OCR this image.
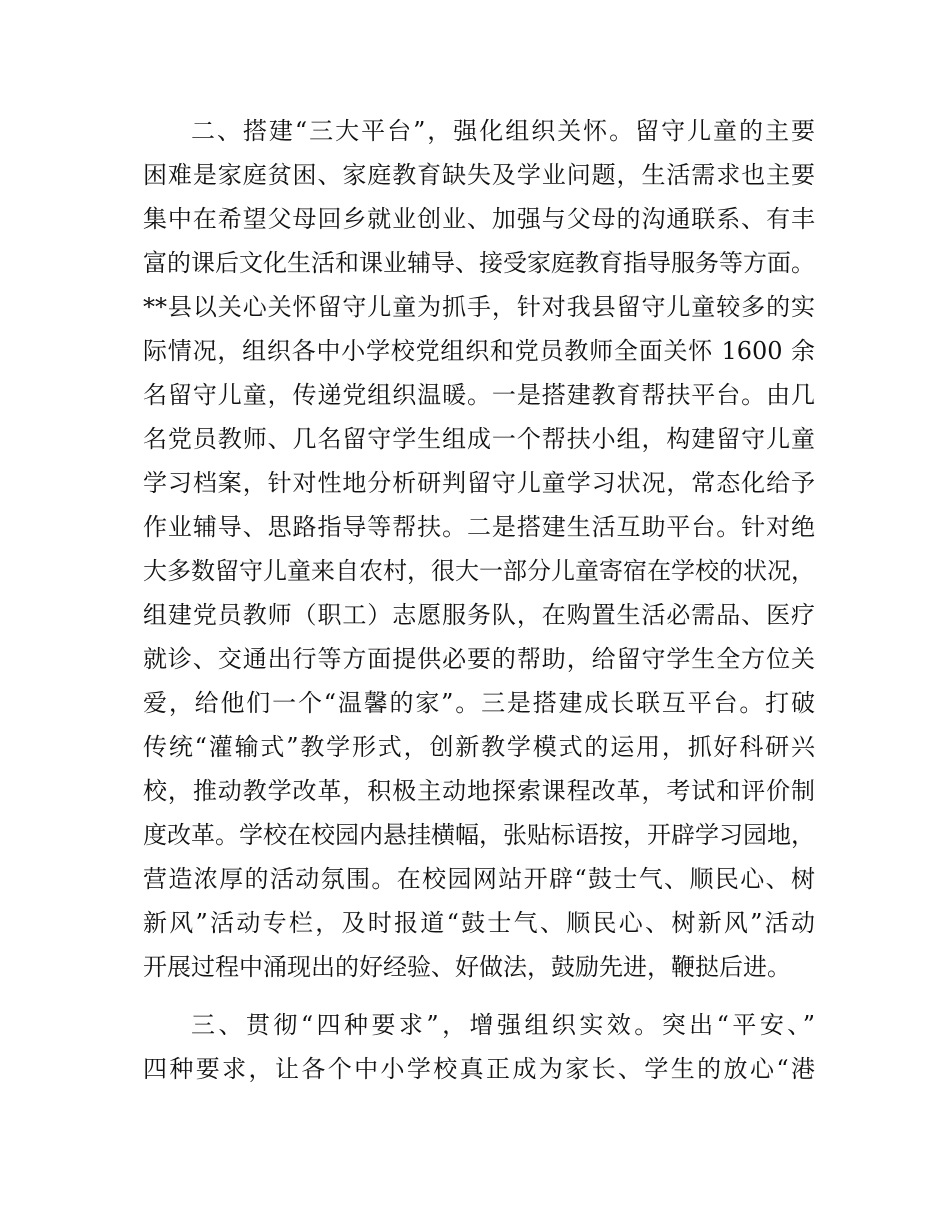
二、搭建“三大平台”，强化组织关怀。留守儿童的主要
困难是家庭贫困、家庭教育缺失及学业问题，生活需求也主要
集中在希望父母回乡就业创业、加强与父母的沟通联系、有丰
富的课后文化生活和课业辅导、接受家庭教育指导服务等方面。
**县以关心关怀留守儿童为抓手，针对我县留守儿童较多的实
际情况，组织各中小学校党组织和党员教师全面关怀 1600 余
名留守儿童，传递党组织温暖。一是搭建教育帮扶平台。由几
名党员教师、几名留守学生组成一个帮扶小组，构建留守儿童
学习档案，针对性地分析研判留守儿童学习状况，常态化给予
作业辅导、思路指导等帮扶。二是搭建生活互助平台。针对绝
大多数留守儿童来自农村，很大一部分儿童寄宿在学校的状况，
组建党员教师（职工）志愿服务队，在购置生活必需品、医疗
就诊、交通出行等方面提供必要的帮助，给留守学生全方位关
爱，给他们一个“温馨的家”。三是搭建成长联互平台。打破
传统“灌输式”教学形式，创新教学模式的运用，抓好科研兴
校，推动教学改革，积极主动地探索课程改革，考试和评价制
度改革。学校在校园内悬挂横幅，张贴标语按，开辟学习园地，
营造浓厚的活动氛围。在校园网站开辟“鼓士气、顺民心、树
新风”活动专栏，及时报道“鼓士气、顺民心、树新风”活动
开展过程中涌现出的好经验、好做法，鼓励先进，鞭挞后进。
三、贯彻“四种要求”，增强组织实效。突出“平安、”
四种要求，让各个中小学校真正成为家长、学生的放心“港
